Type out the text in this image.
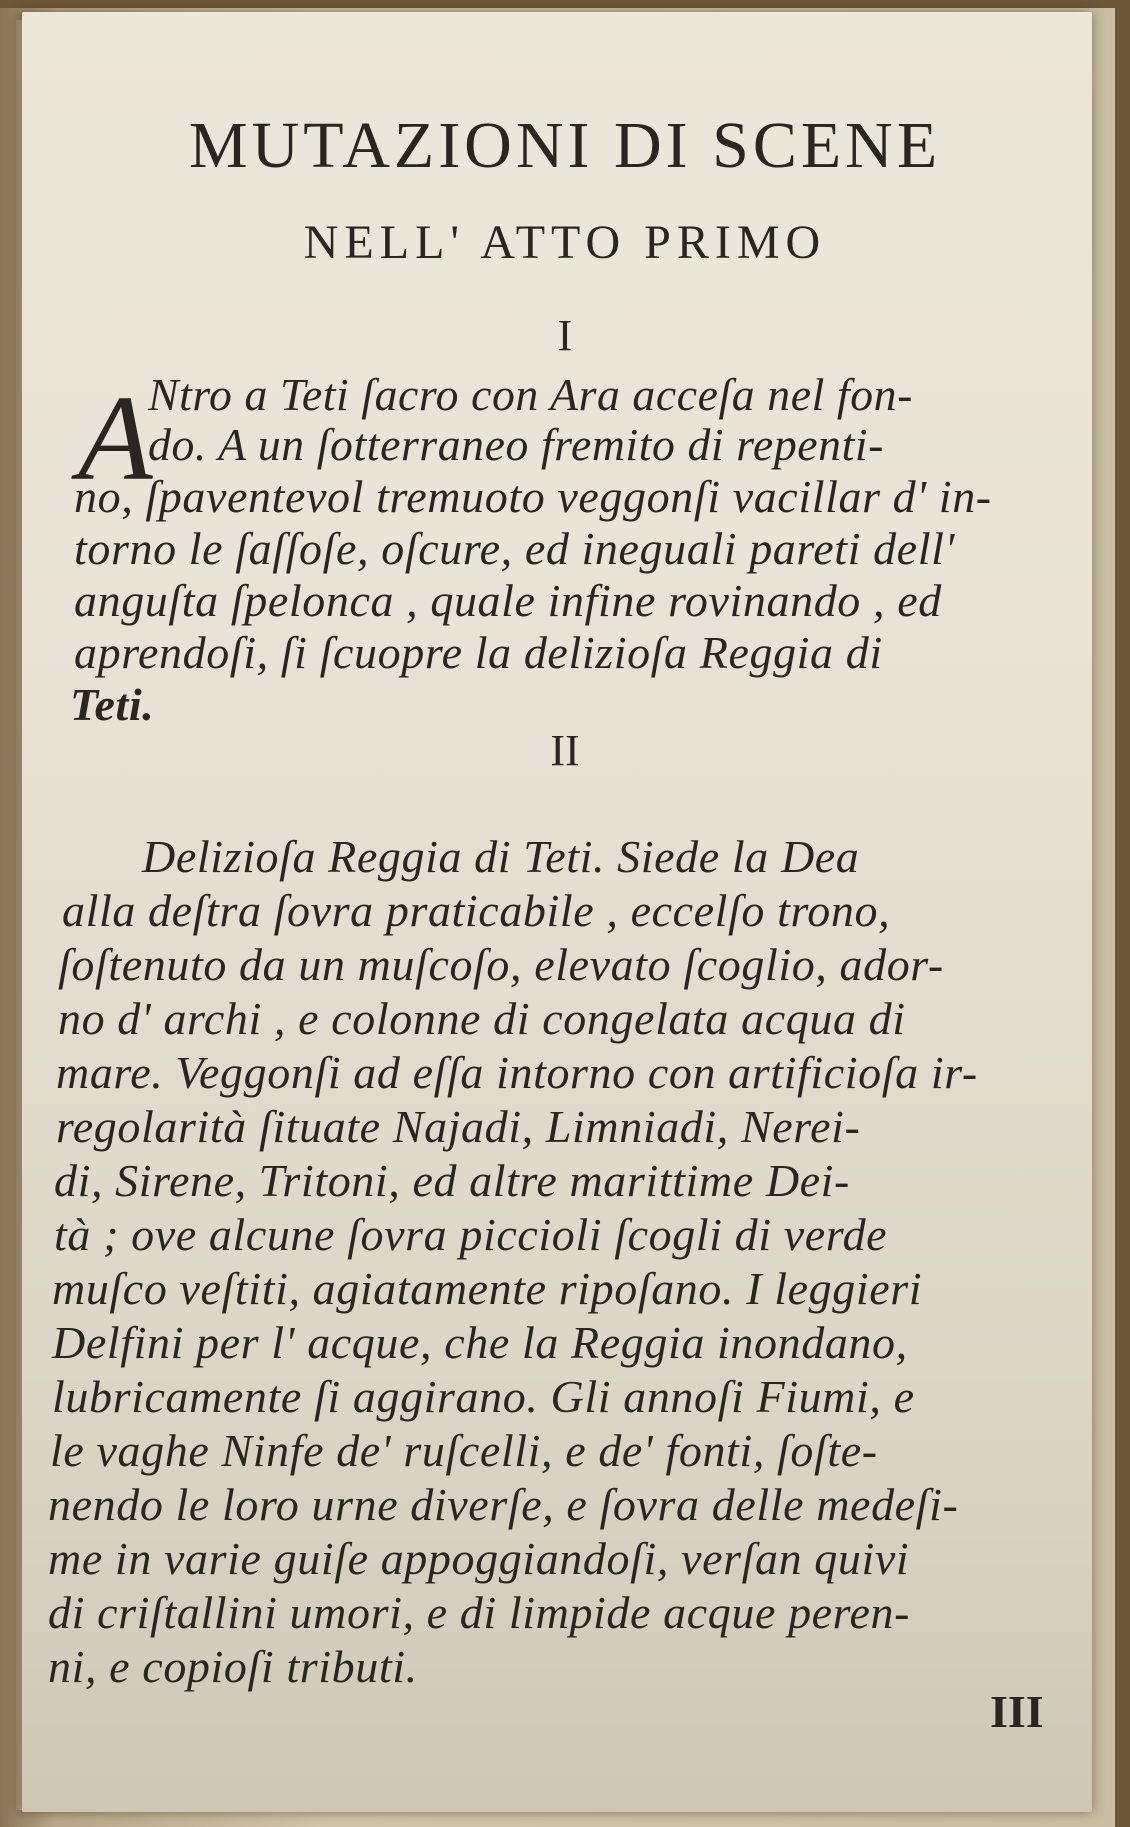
MUTAZIONI DI SCENE
NELL' ATTO PRIMO
I
A
Ntro a Teti ſacro con Ara acceſa nel fon-
do. A un ſotterraneo fremito di repenti-
no, ſpaventevol tremuoto veggonſi vacillar d' in-
torno le ſaſſoſe, oſcure, ed ineguali pareti dell'
anguſta ſpelonca , quale infine rovinando , ed
aprendoſi, ſi ſcuopre la delizioſa Reggia di
Teti.
II
Delizioſa Reggia di Teti. Siede la Dea
alla deſtra ſovra praticabile , eccelſo trono,
ſoſtenuto da un muſcoſo, elevato ſcoglio, ador-
no d' archi , e colonne di congelata acqua di
mare. Veggonſi ad eſſa intorno con artificioſa ir-
regolarità ſituate Najadi, Limniadi, Nerei-
di, Sirene, Tritoni, ed altre marittime Dei-
tà ; ove alcune ſovra piccioli ſcogli di verde
muſco veſtiti, agiatamente ripoſano. I leggieri
Delfini per l' acque, che la Reggia inondano,
lubricamente ſi aggirano. Gli annoſi Fiumi, e
le vaghe Ninfe de' ruſcelli, e de' fonti, ſoſte-
nendo le loro urne diverſe, e ſovra delle medeſi-
me in varie guiſe appoggiandoſi, verſan quivi
di criſtallini umori, e di limpide acque peren-
ni, e copioſi tributi.
III
